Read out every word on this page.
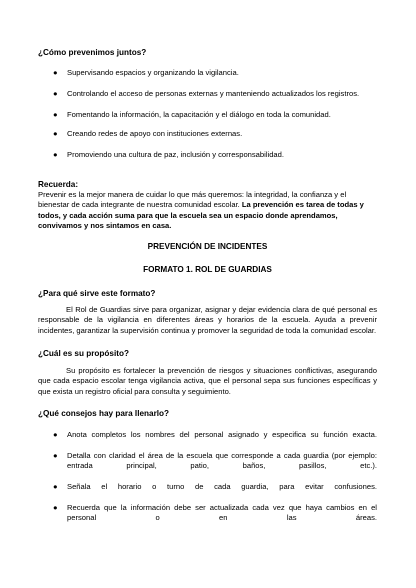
¿Cómo prevenimos juntos?
● Supervisando espacios y organizando la vigilancia.
● Controlando el acceso de personas externas y manteniendo actualizados los registros.
● Fomentando la información, la capacitación y el diálogo en toda la comunidad.
● Creando redes de apoyo con instituciones externas.
● Promoviendo una cultura de paz, inclusión y corresponsabilidad.
Recuerda:
Prevenir es la mejor manera de cuidar lo que más queremos: la integridad, la confianza y el bienestar de cada integrante de nuestra comunidad escolar. La prevención es tarea de todas y todos, y cada acción suma para que la escuela sea un espacio donde aprendamos, convivamos y nos sintamos en casa.
PREVENCIÓN DE INCIDENTES
FORMATO 1. ROL DE GUARDIAS
¿Para qué sirve este formato?
El Rol de Guardias sirve para organizar, asignar y dejar evidencia clara de qué personal es responsable de la vigilancia en diferentes áreas y horarios de la escuela. Ayuda a prevenir incidentes, garantizar la supervisión continua y promover la seguridad de toda la comunidad escolar.
¿Cuál es su propósito?
Su propósito es fortalecer la prevención de riesgos y situaciones conflictivas, asegurando que cada espacio escolar tenga vigilancia activa, que el personal sepa sus funciones específicas y que exista un registro oficial para consulta y seguimiento.
¿Qué consejos hay para llenarlo?
● Anota completos los nombres del personal asignado y especifica su función exacta.
● Detalla con claridad el área de la escuela que corresponde a cada guardia (por ejemplo: entrada principal, patio, baños, pasillos, etc.).
● Señala el horario o turno de cada guardia, para evitar confusiones.
● Recuerda que la información debe ser actualizada cada vez que haya cambios en el personal o en las áreas.
